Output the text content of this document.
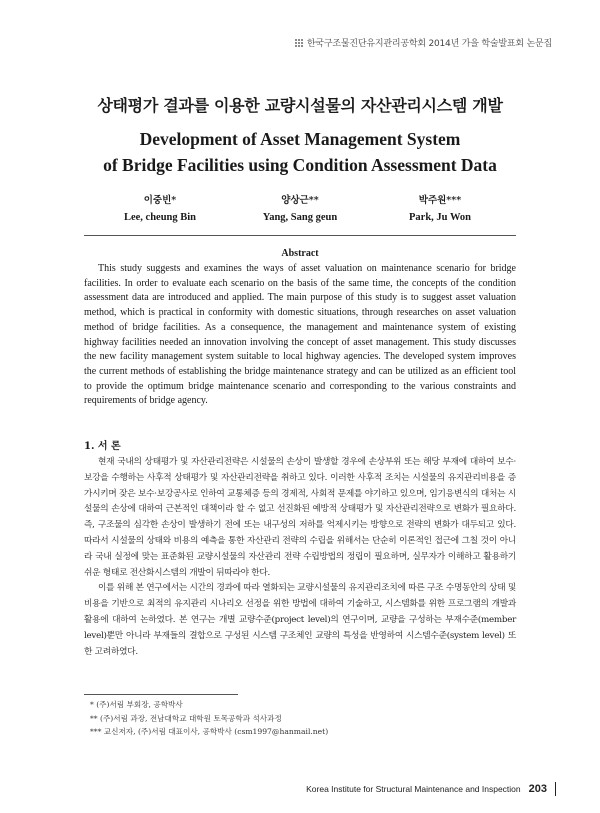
한국구조물진단유지관리공학회 2014년 가을 학술발표회 논문집
상태평가 결과를 이용한 교량시설물의 자산관리시스템 개발
Development of Asset Management System
of Bridge Facilities using Condition Assessment Data
이중빈*
Lee, cheung Bin
양상근**
Yang, Sang geun
박주원***
Park, Ju Won
Abstract

This study suggests and examines the ways of asset valuation on maintenance scenario for bridge facilities. In order to evaluate each scenario on the basis of the same time, the concepts of the condition assessment data are introduced and applied. The main purpose of this study is to suggest asset valuation method, which is practical in conformity with domestic situations, through researches on asset valuation method of bridge facilities. As a consequence, the management and maintenance system of existing highway facilities needed an innovation involving the concept of asset management. This study discusses the new facility management system suitable to local highway agencies. The developed system improves the current methods of establishing the bridge maintenance strategy and can be utilized as an efficient tool to provide the optimum bridge maintenance scenario and corresponding to the various constraints and requirements of bridge agency.

1. 서 론

현재 국내의 상태평가 및 자산관리전략은 시설물의 손상이 발생할 경우에 손상부위 또는 해당 부재에 대하여 보수·보강을 수행하는 사후적 상태평가 및 자산관리전략을 취하고 있다. 이러한 사후적 조치는 시설물의 유지관리비용을 증가시키며 잦은 보수·보강공사로 인하여 교통체증 등의 경제적, 사회적 문제를 야기하고 있으며, 임기응변식의 대처는 시설물의 손상에 대하여 근본적인 대책이라 할 수 없고 선진화된 예방적 상태평가 및 자산관리전략으로 변화가 필요하다. 즉, 구조물의 심각한 손상이 발생하기 전에 또는 내구성의 저하를 억제시키는 방향으로 전략의 변화가 대두되고 있다. 따라서 시설물의 상태와 비용의 예측을 통한 자산관리 전략의 수립을 위해서는 단순히 이론적인 접근에 그칠 것이 아니라 국내 실정에 맞는 표준화된 교량시설물의 자산관리 전략 수립방법의 정립이 필요하며, 실무자가 이해하고 활용하기 쉬운 형태로 전산화시스템의 개발이 뒤따라야 한다.

이를 위해 본 연구에서는 시간의 경과에 따라 열화되는 교량시설물의 유지관리조치에 따른 구조 수명동안의 상태 및 비용을 기반으로 최적의 유지관리 시나리오 선정을 위한 방법에 대하여 기술하고, 시스템화를 위한 프로그램의 개발과 활용에 대하여 논하였다. 본 연구는 개별 교량수준(project level)의 연구이며, 교량을 구성하는 부재수준(member level)뿐만 아니라 부재들의 결합으로 구성된 시스템 구조체인 교량의 특성을 반영하여 시스템수준(system level) 또한 고려하였다.

* (주)서림 부회장, 공학박사
** (주)서림 과장, 전남대학교 대학원 토목공학과 석사과정
*** 교신저자, (주)서림 대표이사, 공학박사 (csm1997@hanmail.net)
Korea Institute for Structural Maintenance and Inspection 203
